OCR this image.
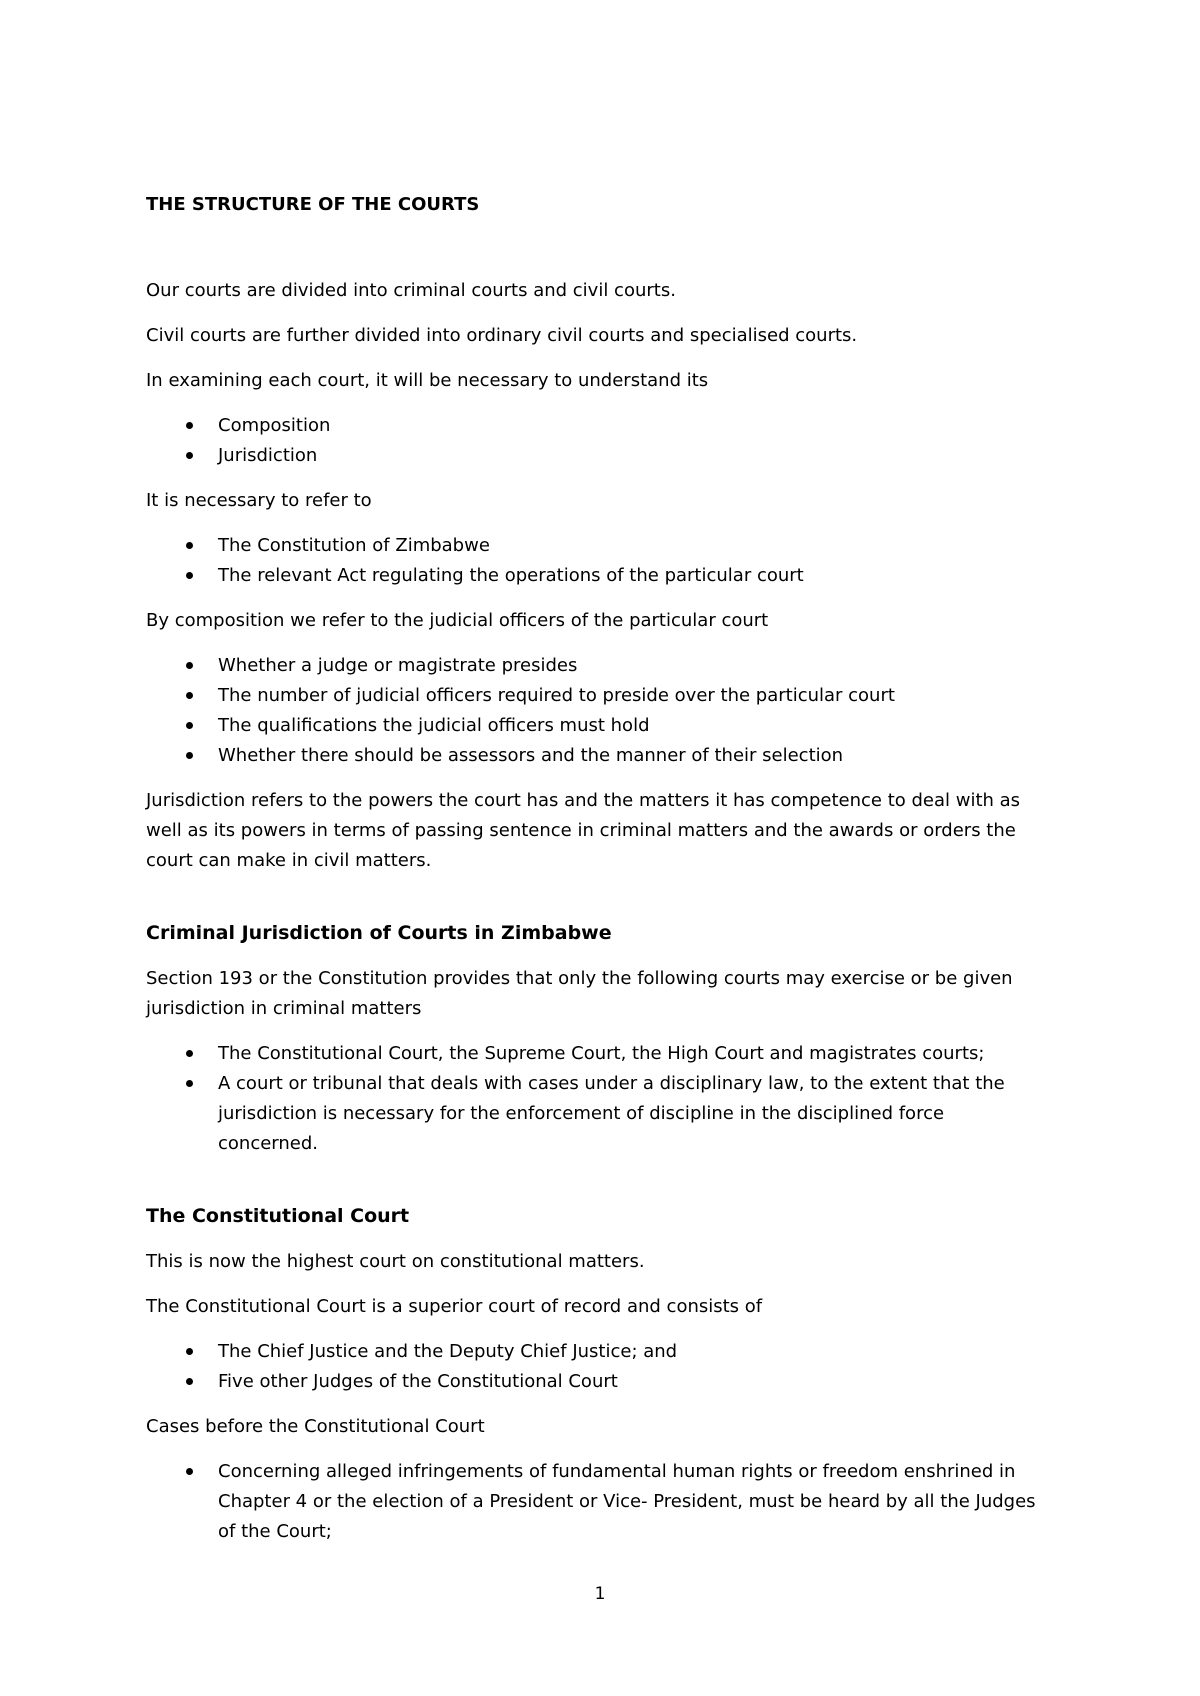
THE STRUCTURE OF THE COURTS

Our courts are divided into criminal courts and civil courts.

Civil courts are further divided into ordinary civil courts and specialised courts.

In examining each court, it will be necessary to understand its

Composition
Jurisdiction

It is necessary to refer to

The Constitution of Zimbabwe
The relevant Act regulating the operations of the particular court

By composition we refer to the judicial officers of the particular court

Whether a judge or magistrate presides
The number of judicial officers required to preside over the particular court
The qualifications the judicial officers must hold
Whether there should be assessors and the manner of their selection

Jurisdiction refers to the powers the court has and the matters it has competence to deal with as well as its powers in terms of passing sentence in criminal matters and the awards or orders the court can make in civil matters.

Criminal Jurisdiction of Courts in Zimbabwe

Section 193 or the Constitution provides that only the following courts may exercise or be given jurisdiction in criminal matters

The Constitutional Court, the Supreme Court, the High Court and magistrates courts;
A court or tribunal that deals with cases under a disciplinary law, to the extent that the jurisdiction is necessary for the enforcement of discipline in the disciplined force concerned.
The Constitutional Court

This is now the highest court on constitutional matters.

The Constitutional Court is a superior court of record and consists of

The Chief Justice and the Deputy Chief Justice; and
Five other Judges of the Constitutional Court

Cases before the Constitutional Court

Concerning alleged infringements of fundamental human rights or freedom enshrined in Chapter 4 or the election of a President or Vice- President, must be heard by all the Judges of the Court;
1
